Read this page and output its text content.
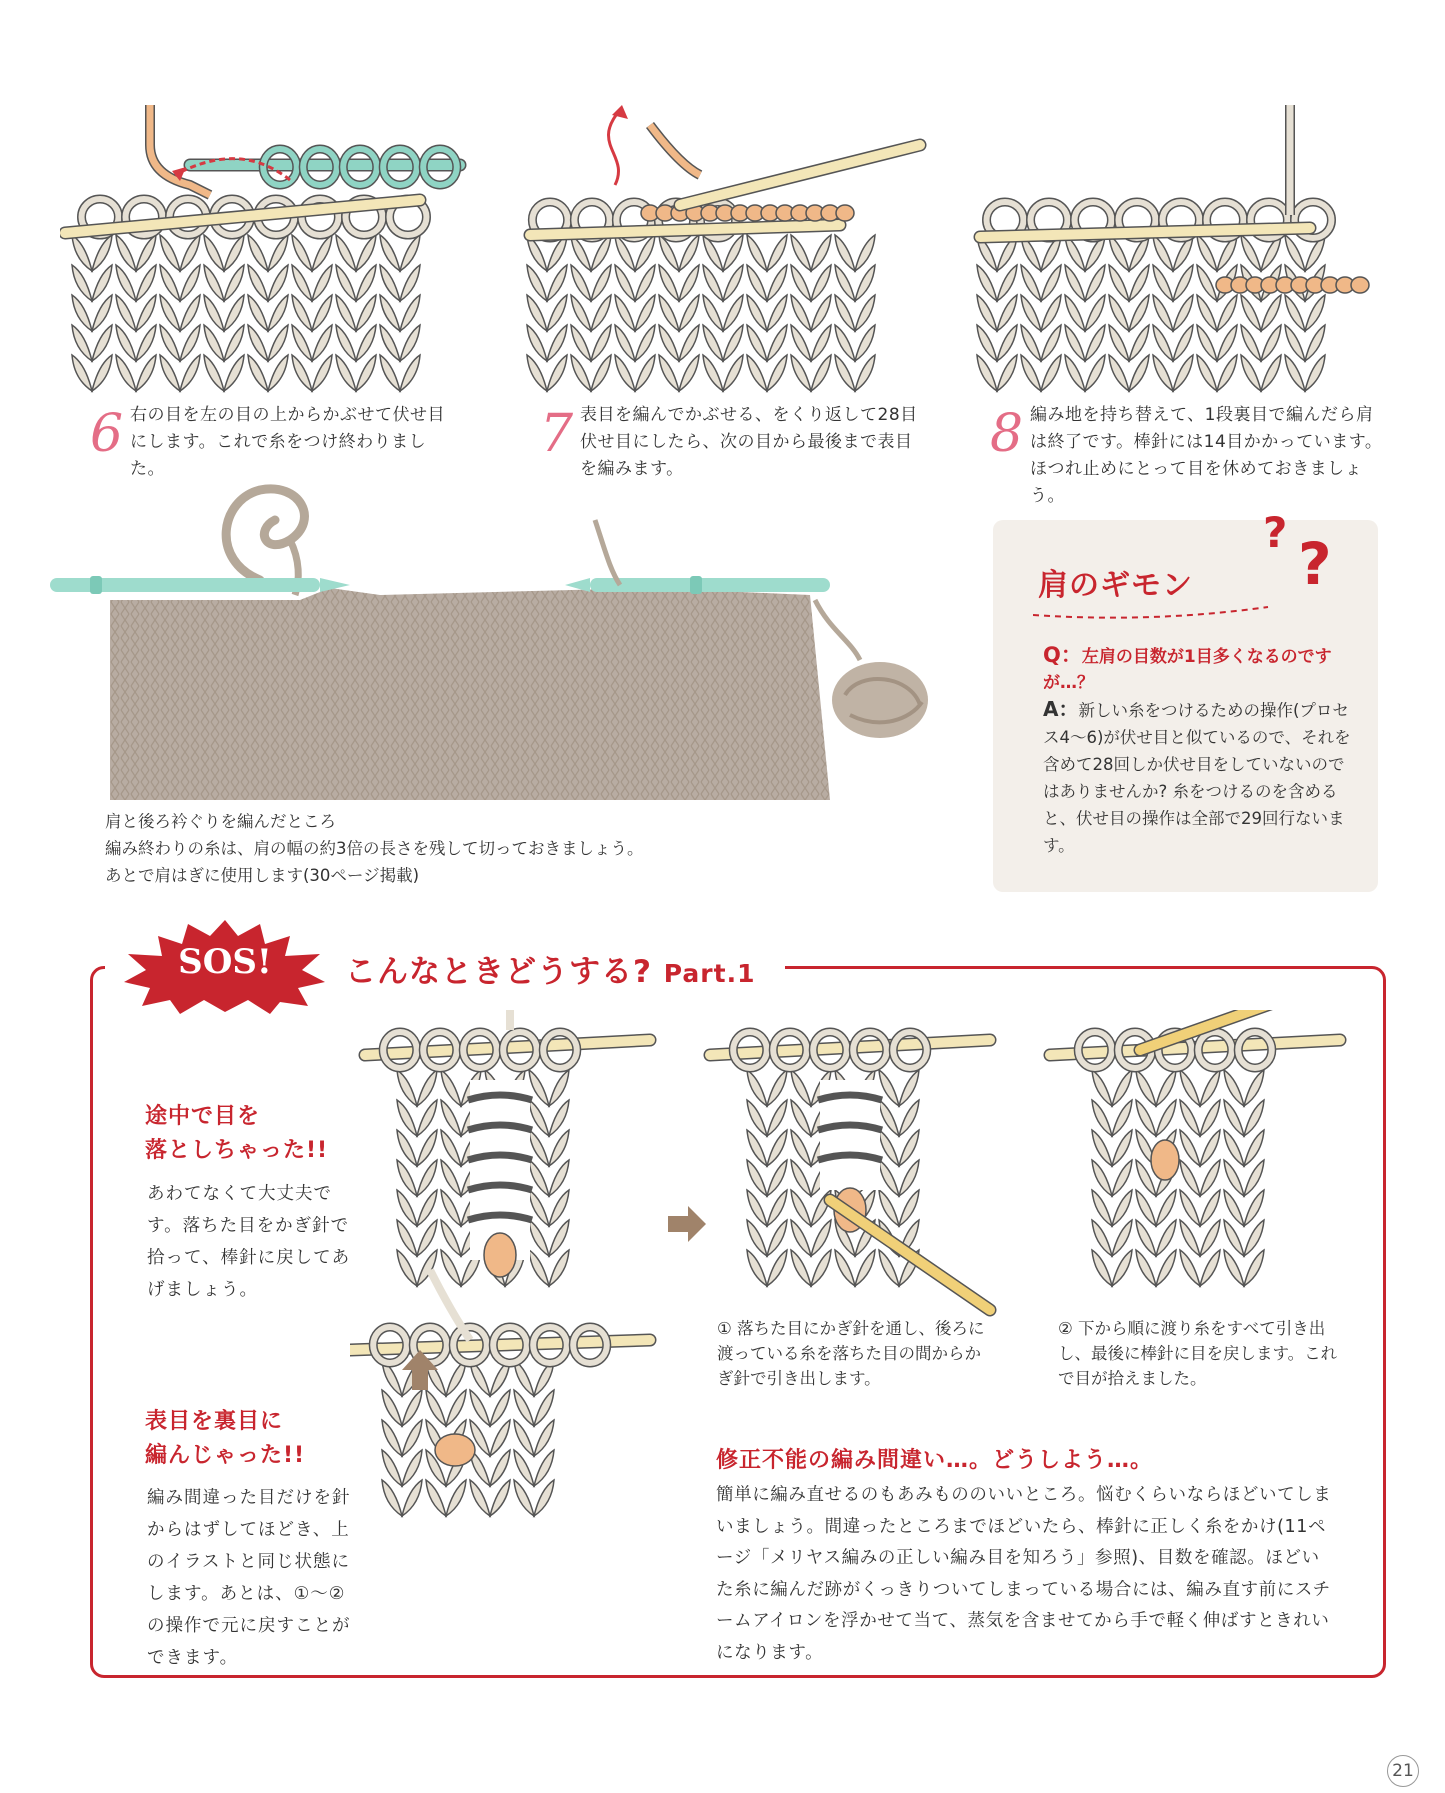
6 右の目を左の目の上からかぶせて伏せ目にします。これで糸をつけ終わりました。
7 表目を編んでかぶせる、をくり返して28目伏せ目にしたら、次の目から最後まで表目を編みます。
8 編み地を持ち替えて、1段裏目で編んだら肩は終了です。棒針には14目かかっています。ほつれ止めにとって目を休めておきましょう。
肩と後ろ衿ぐりを編んだところ
編み終わりの糸は、肩の幅の約3倍の長さを残して切っておきましょう。
あとで肩はぎに使用します(30ページ掲載)
肩のギモン
? ?
Q：左肩の目数が1目多くなるのですが…？
A：新しい糸をつけるための操作(プロセス4〜6)が伏せ目と似ているので、それを含めて28回しか伏せ目をしていないのではありませんか? 糸をつけるのを含めると、伏せ目の操作は全部で29回行ないます。
SOS!	こんなときどうする? Part.1
途中で目を
落としちゃった!!
あわてなくて大丈夫です。落ちた目をかぎ針で拾って、棒針に戻してあげましょう。
① 落ちた目にかぎ針を通し、後ろに渡っている糸を落ちた目の間からかぎ針で引き出します。
② 下から順に渡り糸をすべて引き出し、最後に棒針に目を戻します。これで目が拾えました。
表目を裏目に
編んじゃった!!
編み間違った目だけを針からはずしてほどき、上のイラストと同じ状態にします。あとは、①〜②の操作で元に戻すことができます。
修正不能の編み間違い…。どうしよう…。
簡単に編み直せるのもあみもののいいところ。悩むくらいならほどいてしまいましょう。間違ったところまでほどいたら、棒針に正しく糸をかけ(11ページ「メリヤス編みの正しい編み目を知ろう」参照)、目数を確認。ほどいた糸に編んだ跡がくっきりついてしまっている場合には、編み直す前にスチームアイロンを浮かせて当て、蒸気を含ませてから手で軽く伸ばすときれいになります。
21
